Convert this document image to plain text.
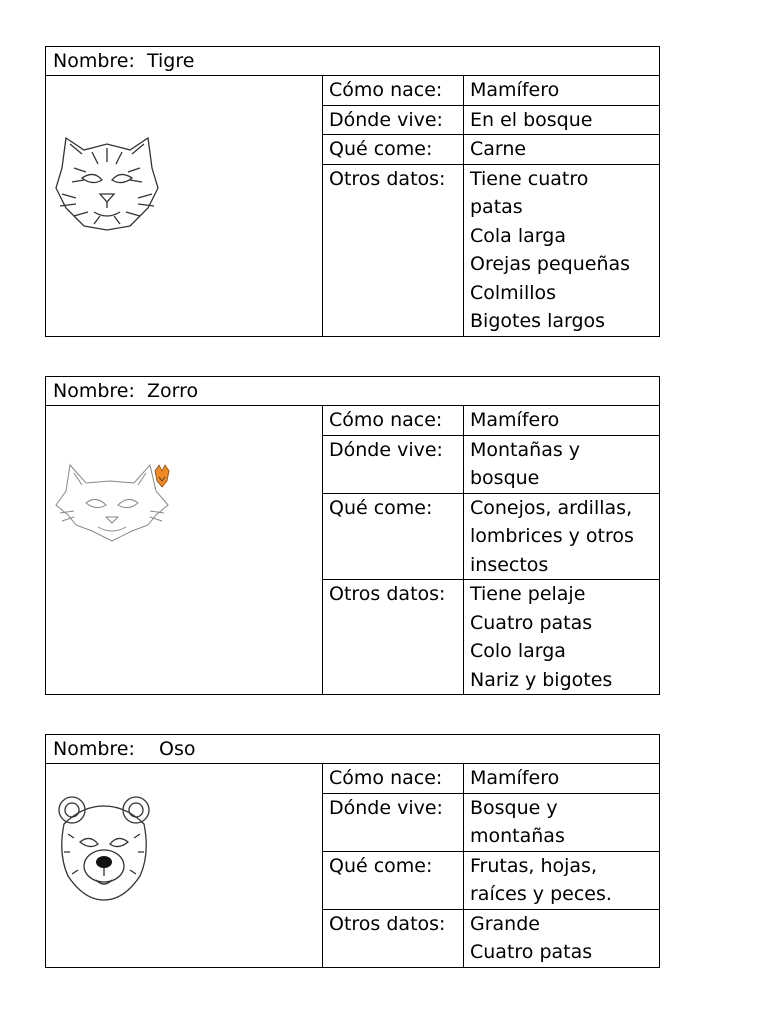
Nombre:  Tigre
Cómo nace:	Mamífero
Dónde vive:	En el bosque
Qué come:	Carne
Otros datos:	Tiene cuatro
patas
Cola larga
Orejas pequeñas
Colmillos
Bigotes largos
Nombre:  Zorro
Cómo nace:	Mamífero
Dónde vive:	Montañas y
bosque
Qué come:	Conejos, ardillas,
lombrices y otros
insectos
Otros datos:	Tiene pelaje
Cuatro patas
Colo larga
Nariz y bigotes
Nombre:    Oso
Cómo nace:	Mamífero
Dónde vive:	Bosque y
montañas
Qué come:	Frutas, hojas,
raíces y peces.
Otros datos:	Grande
Cuatro patas
